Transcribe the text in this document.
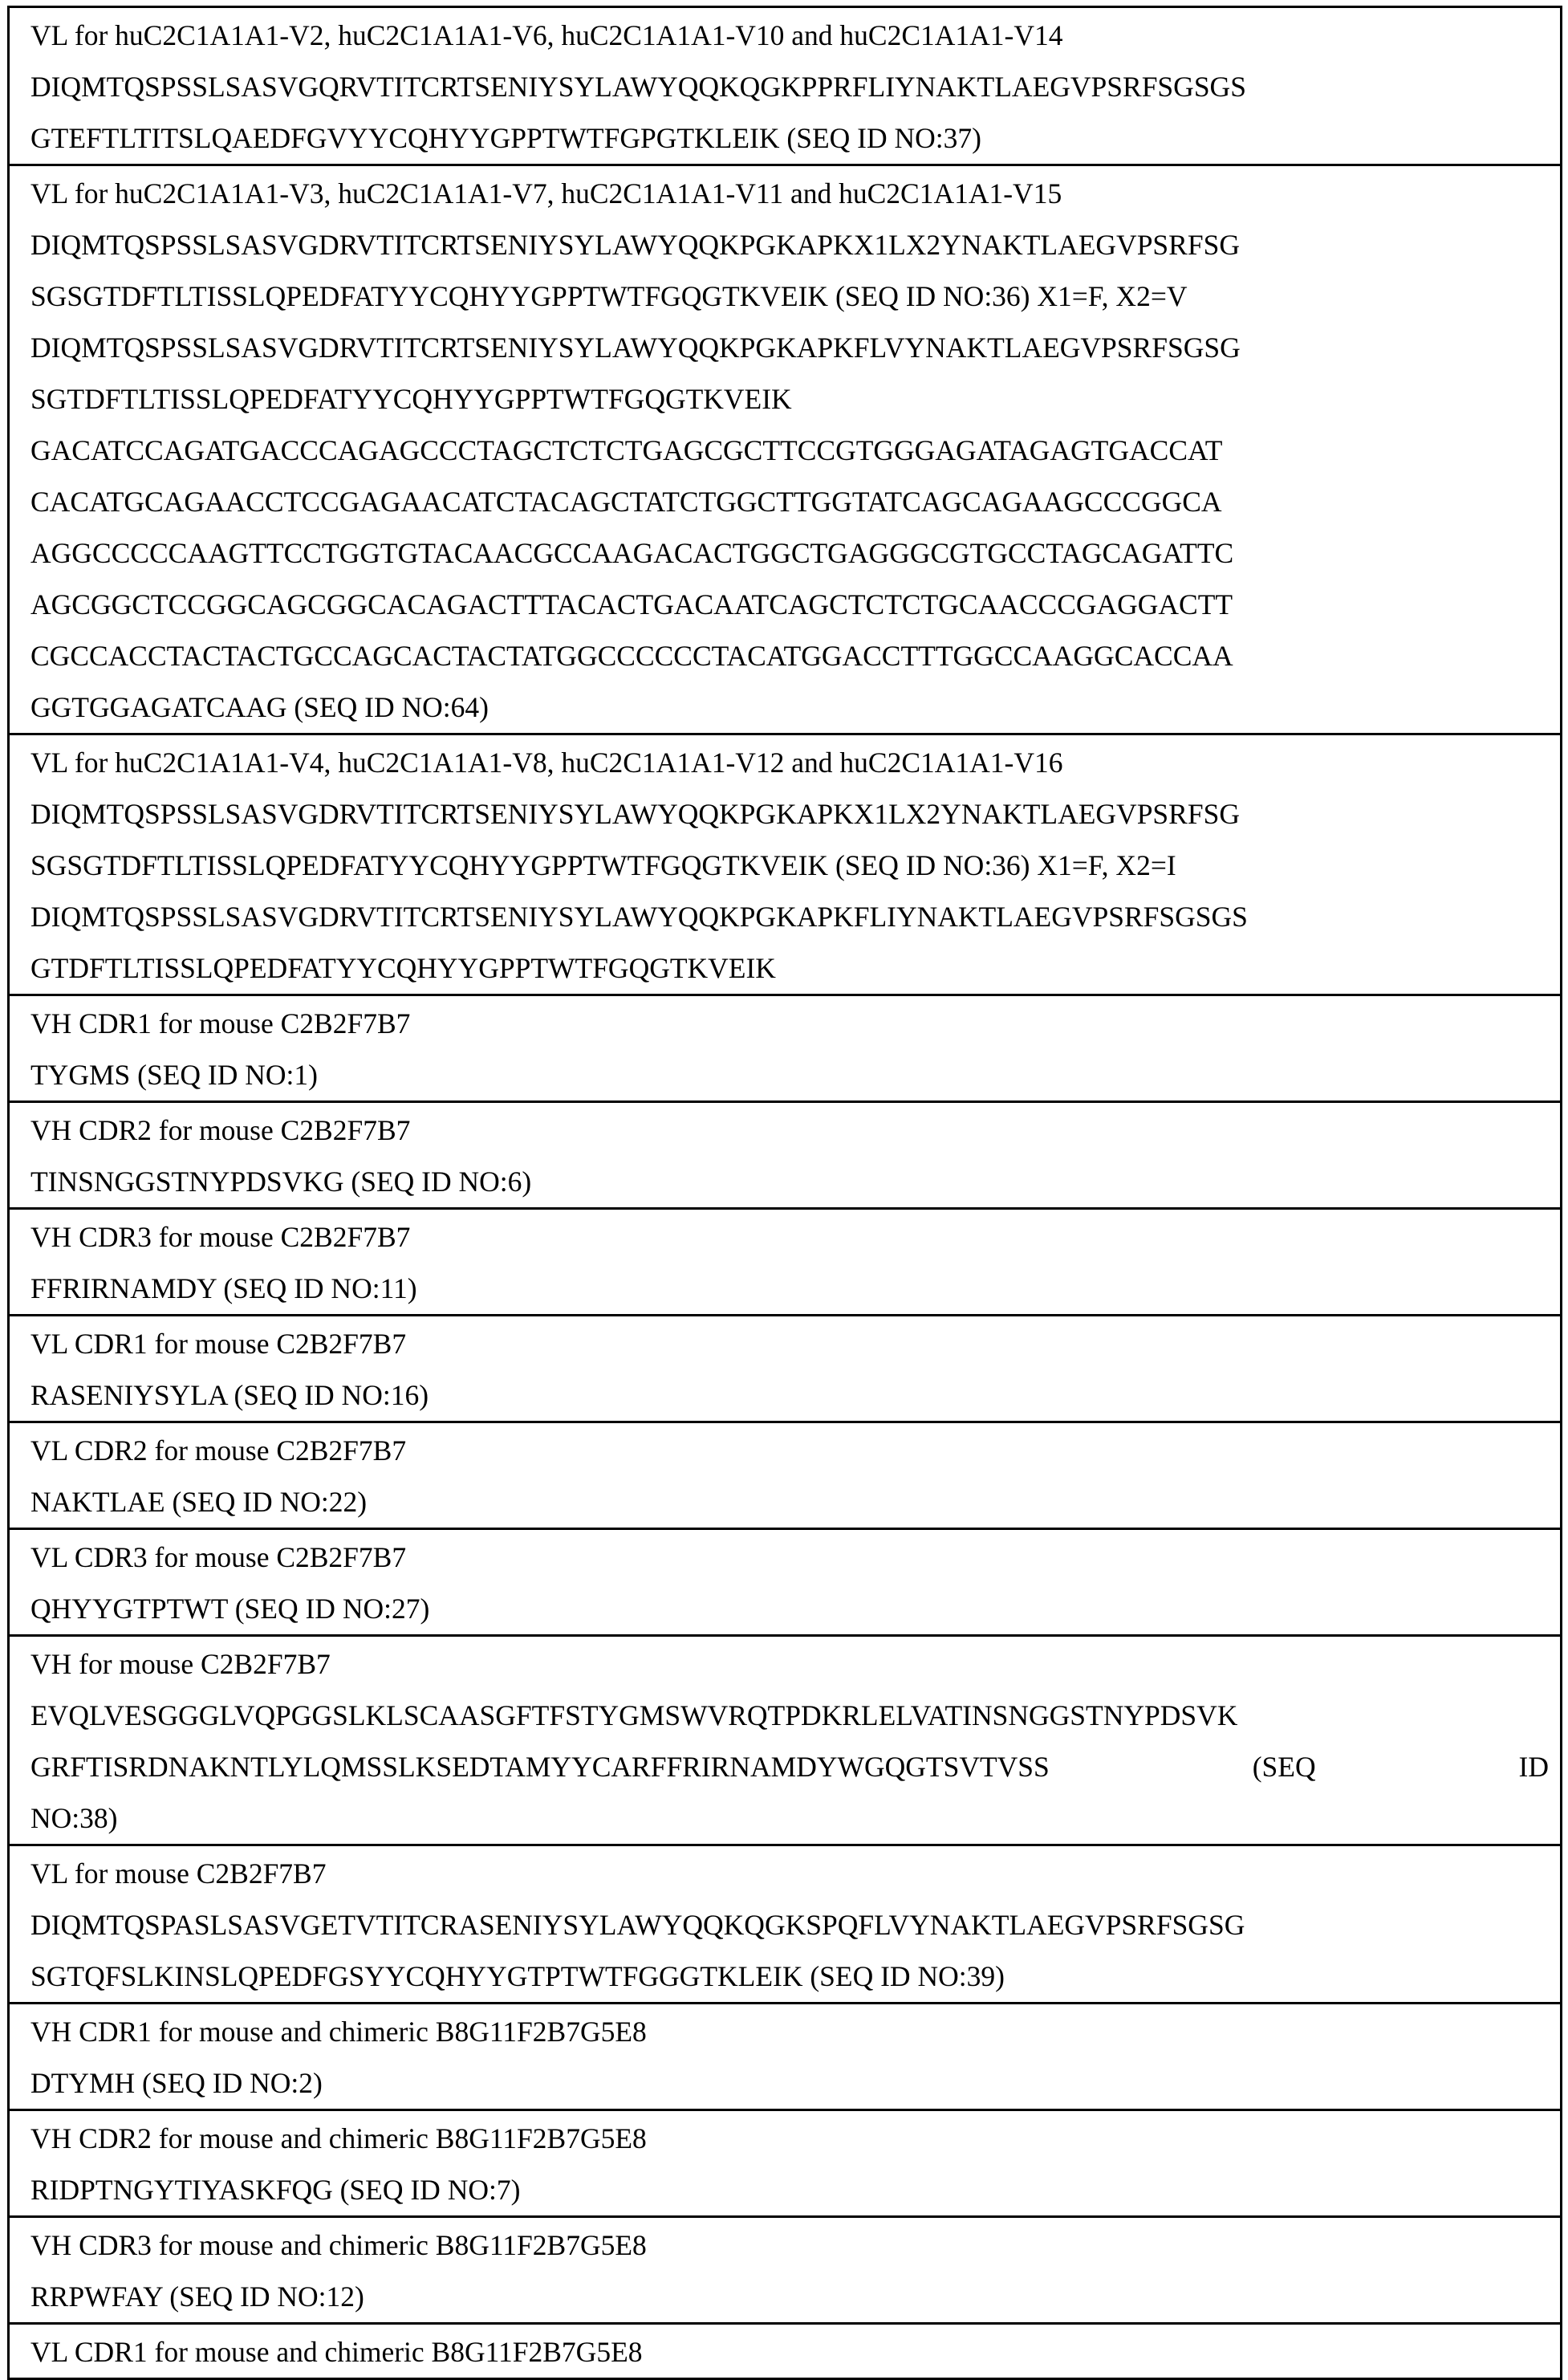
VL for huC2C1A1A1-V2, huC2C1A1A1-V6, huC2C1A1A1-V10 and huC2C1A1A1-V14
DIQMTQSPSSLSASVGQRVTITCRTSENIYSYLAWYQQKQGKPPRFLIYNAKTLAEGVPSRFSGSGS
GTEFTLTITSLQAEDFGVYYCQHYYGPPTWTFGPGTKLEIK (SEQ ID NO:37)

VL for huC2C1A1A1-V3, huC2C1A1A1-V7, huC2C1A1A1-V11 and huC2C1A1A1-V15
DIQMTQSPSSLSASVGDRVTITCRTSENIYSYLAWYQQKPGKAPKX1LX2YNAKTLAEGVPSRFSG
SGSGTDFTLTISSLQPEDFATYYCQHYYGPPTWTFGQGTKVEIK (SEQ ID NO:36) X1=F, X2=V
DIQMTQSPSSLSASVGDRVTITCRTSENIYSYLAWYQQKPGKAPKFLVYNAKTLAEGVPSRFSGSG
SGTDFTLTISSLQPEDFATYYCQHYYGPPTWTFGQGTKVEIK
GACATCCAGATGACCCAGAGCCCTAGCTCTCTGAGCGCTTCCGTGGGAGATAGAGTGACCAT
CACATGCAGAACCTCCGAGAACATCTACAGCTATCTGGCTTGGTATCAGCAGAAGCCCGGCA
AGGCCCCCAAGTTCCTGGTGTACAACGCCAAGACACTGGCTGAGGGCGTGCCTAGCAGATTC
AGCGGCTCCGGCAGCGGCACAGACTTTACACTGACAATCAGCTCTCTGCAACCCGAGGACTT
CGCCACCTACTACTGCCAGCACTACTATGGCCCCCCTACATGGACCTTTGGCCAAGGCACCAA
GGTGGAGATCAAG (SEQ ID NO:64)

VL for huC2C1A1A1-V4, huC2C1A1A1-V8, huC2C1A1A1-V12 and huC2C1A1A1-V16
DIQMTQSPSSLSASVGDRVTITCRTSENIYSYLAWYQQKPGKAPKX1LX2YNAKTLAEGVPSRFSG
SGSGTDFTLTISSLQPEDFATYYCQHYYGPPTWTFGQGTKVEIK (SEQ ID NO:36) X1=F, X2=I
DIQMTQSPSSLSASVGDRVTITCRTSENIYSYLAWYQQKPGKAPKFLIYNAKTLAEGVPSRFSGSGS
GTDFTLTISSLQPEDFATYYCQHYYGPPTWTFGQGTKVEIK

VH CDR1 for mouse C2B2F7B7
TYGMS (SEQ ID NO:1)

VH CDR2 for mouse C2B2F7B7
TINSNGGSTNYPDSVKG (SEQ ID NO:6)

VH CDR3 for mouse C2B2F7B7
FFRIRNAMDY (SEQ ID NO:11)

VL CDR1 for mouse C2B2F7B7
RASENIYSYLA (SEQ ID NO:16)

VL CDR2 for mouse C2B2F7B7
NAKTLAE (SEQ ID NO:22)

VL CDR3 for mouse C2B2F7B7
QHYYGTPTWT (SEQ ID NO:27)

VH for mouse C2B2F7B7
EVQLVESGGGLVQPGGSLKLSCAASGFTFSTYGMSWVRQTPDKRLELVATINSNGGSTNYPDSVK
GRFTISRDNAKNTLYLQMSSLKSEDTAMYYCARFFRIRNAMDYWGQGTSVTVSS (SEQ ID
NO:38)

VL for mouse C2B2F7B7
DIQMTQSPASLSASVGETVTITCRASENIYSYLAWYQQKQGKSPQFLVYNAKTLAEGVPSRFSGSG
SGTQFSLKINSLQPEDFGSYYCQHYYGTPTWTFGGGTKLEIK (SEQ ID NO:39)

VH CDR1 for mouse and chimeric B8G11F2B7G5E8
DTYMH (SEQ ID NO:2)

VH CDR2 for mouse and chimeric B8G11F2B7G5E8
RIDPTNGYTIYASKFQG (SEQ ID NO:7)

VH CDR3 for mouse and chimeric B8G11F2B7G5E8
RRPWFAY (SEQ ID NO:12)

VL CDR1 for mouse and chimeric B8G11F2B7G5E8
